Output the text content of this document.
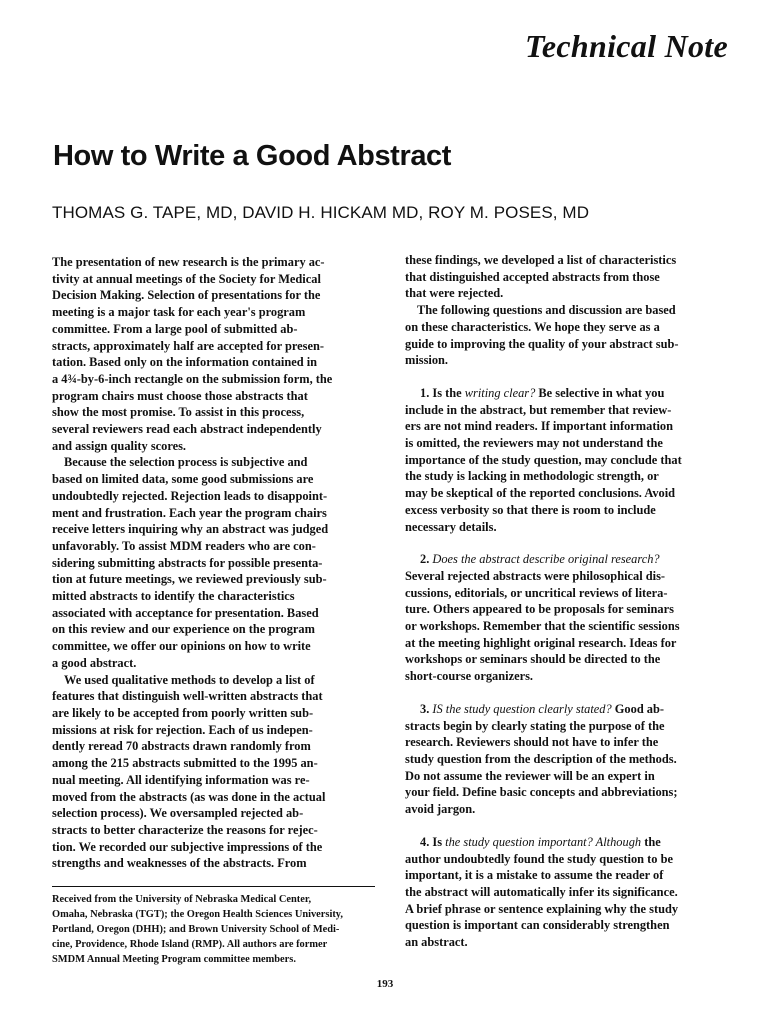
Technical Note
How to Write a Good Abstract

THOMAS G. TAPE, MD, DAVID H. HICKAM MD, ROY M. POSES, MD

The presentation of new research is the primary ac-
tivity at annual meetings of the Society for Medical
Decision Making. Selection of presentations for the
meeting is a major task for each year's program
committee. From a large pool of submitted ab-
stracts, approximately half are accepted for presen-
tation. Based only on the information contained in
a 4¾-by-6-inch rectangle on the submission form, the
program chairs must choose those abstracts that
show the most promise. To assist in this process,
several reviewers read each abstract independently
and assign quality scores.
Because the selection process is subjective and
based on limited data, some good submissions are
undoubtedly rejected. Rejection leads to disappoint-
ment and frustration. Each year the program chairs
receive letters inquiring why an abstract was judged
unfavorably. To assist MDM readers who are con-
sidering submitting abstracts for possible presenta-
tion at future meetings, we reviewed previously sub-
mitted abstracts to identify the characteristics
associated with acceptance for presentation. Based
on this review and our experience on the program
committee, we offer our opinions on how to write
a good abstract.
We used qualitative methods to develop a list of
features that distinguish well-written abstracts that
are likely to be accepted from poorly written sub-
missions at risk for rejection. Each of us indepen-
dently reread 70 abstracts drawn randomly from
among the 215 abstracts submitted to the 1995 an-
nual meeting. All identifying information was re-
moved from the abstracts (as was done in the actual
selection process). We oversampled rejected ab-
stracts to better characterize the reasons for rejec-
tion. We recorded our subjective impressions of the
strengths and weaknesses of the abstracts. From
Received from the University of Nebraska Medical Center,
Omaha, Nebraska (TGT); the Oregon Health Sciences University,
Portland, Oregon (DHH); and Brown University School of Medi-
cine, Providence, Rhode Island (RMP). All authors are former
SMDM Annual Meeting Program committee members.
these findings, we developed a list of characteristics
that distinguished accepted abstracts from those
that were rejected.
The following questions and discussion are based
on these characteristics. We hope they serve as a
guide to improving the quality of your abstract sub-
mission.
1. Is the writing clear? Be selective in what you
include in the abstract, but remember that review-
ers are not mind readers. If important information
is omitted, the reviewers may not understand the
importance of the study question, may conclude that
the study is lacking in methodologic strength, or
may be skeptical of the reported conclusions. Avoid
excess verbosity so that there is room to include
necessary details.
2. Does the abstract describe original research?
Several rejected abstracts were philosophical dis-
cussions, editorials, or uncritical reviews of litera-
ture. Others appeared to be proposals for seminars
or workshops. Remember that the scientific sessions
at the meeting highlight original research. Ideas for
workshops or seminars should be directed to the
short-course organizers.
3. IS the study question clearly stated? Good ab-
stracts begin by clearly stating the purpose of the
research. Reviewers should not have to infer the
study question from the description of the methods.
Do not assume the reviewer will be an expert in
your field. Define basic concepts and abbreviations;
avoid jargon.
4. Is the study question important? Although the
author undoubtedly found the study question to be
important, it is a mistake to assume the reader of
the abstract will automatically infer its significance.
A brief phrase or sentence explaining why the study
question is important can considerably strengthen
an abstract.
193
